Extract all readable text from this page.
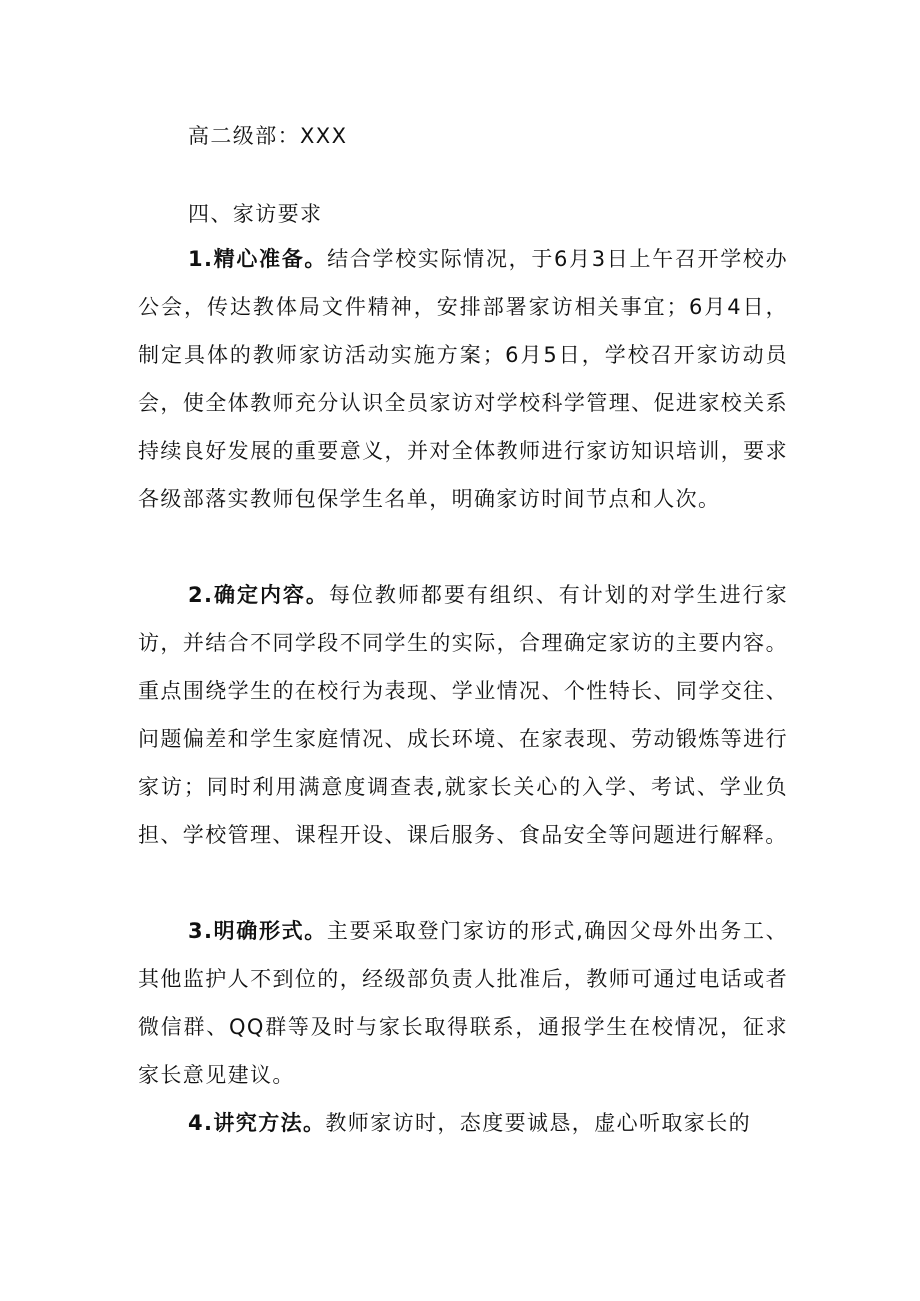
高二级部：XXX
四、家访要求
1.精心准备。结合学校实际情况，于6月3日上午召开学校办公会，传达教体局文件精神，安排部署家访相关事宜；6月4日，制定具体的教师家访活动实施方案；6月5日，学校召开家访动员会，使全体教师充分认识全员家访对学校科学管理、促进家校关系持续良好发展的重要意义，并对全体教师进行家访知识培训，要求各级部落实教师包保学生名单，明确家访时间节点和人次。
2.确定内容。每位教师都要有组织、有计划的对学生进行家访，并结合不同学段不同学生的实际，合理确定家访的主要内容。重点围绕学生的在校行为表现、学业情况、个性特长、同学交往、问题偏差和学生家庭情况、成长环境、在家表现、劳动锻炼等进行家访；同时利用满意度调查表,就家长关心的入学、考试、学业负担、学校管理、课程开设、课后服务、食品安全等问题进行解释。
3.明确形式。主要采取登门家访的形式,确因父母外出务工、其他监护人不到位的，经级部负责人批准后，教师可通过电话或者微信群、QQ群等及时与家长取得联系，通报学生在校情况，征求家长意见建议。
4.讲究方法。教师家访时，态度要诚恳，虚心听取家长的
